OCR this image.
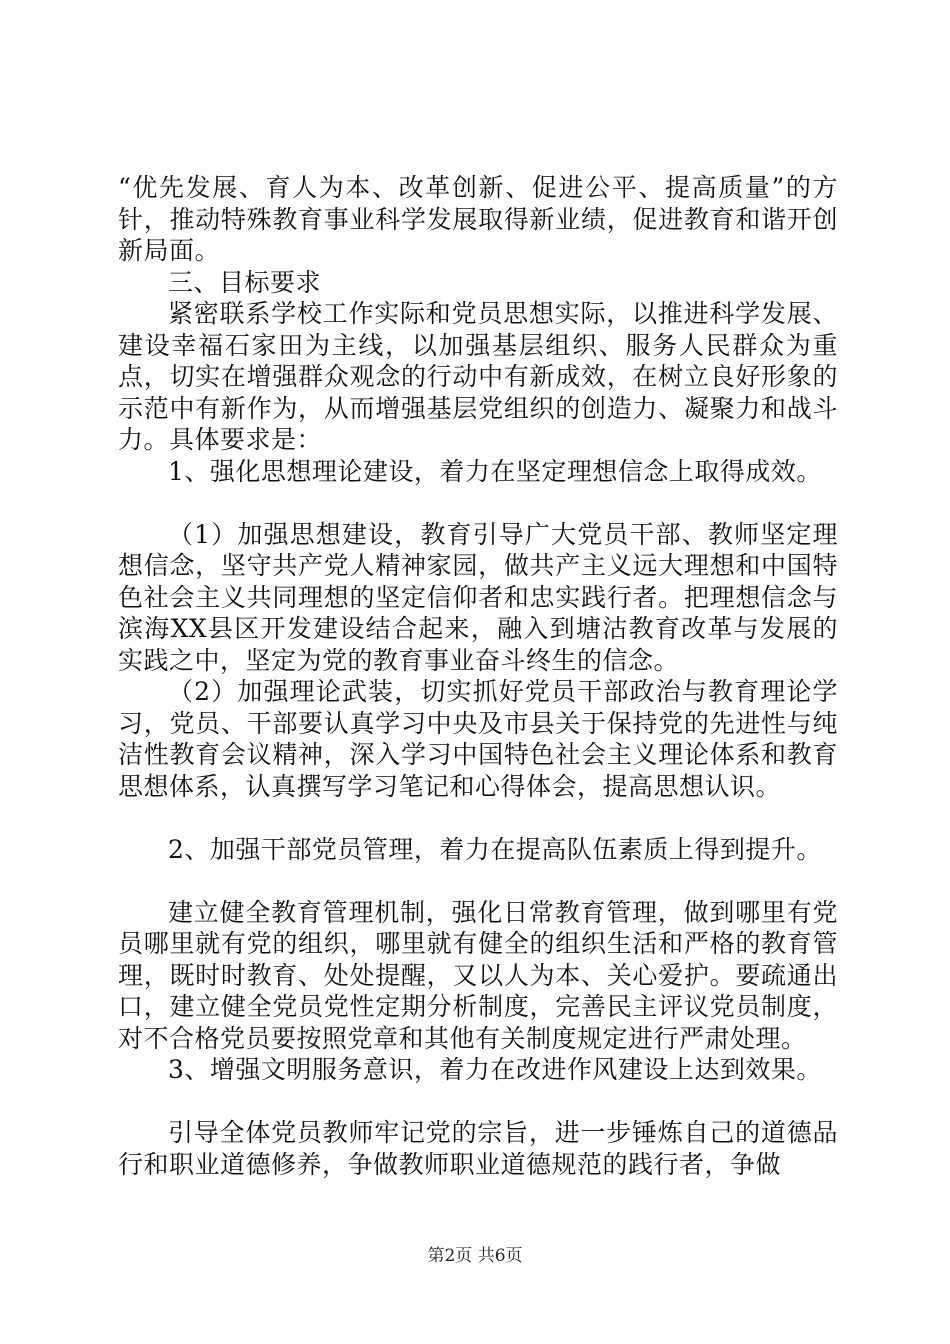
“优先发展、育人为本、改革创新、促进公平、提高质量”的方针，推动特殊教育事业科学发展取得新业绩，促进教育和谐开创新局面。

三、目标要求

紧密联系学校工作实际和党员思想实际，以推进科学发展、建设幸福石家田为主线，以加强基层组织、服务人民群众为重点，切实在增强群众观念的行动中有新成效，在树立良好形象的示范中有新作为，从而增强基层党组织的创造力、凝聚力和战斗力。具体要求是：

1、强化思想理论建设，着力在坚定理想信念上取得成效。

（1）加强思想建设，教育引导广大党员干部、教师坚定理想信念，坚守共产党人精神家园，做共产主义远大理想和中国特色社会主义共同理想的坚定信仰者和忠实践行者。把理想信念与滨海XX县区开发建设结合起来，融入到塘沽教育改革与发展的实践之中，坚定为党的教育事业奋斗终生的信念。

（2）加强理论武装，切实抓好党员干部政治与教育理论学习，党员、干部要认真学习中央及市县关于保持党的先进性与纯洁性教育会议精神，深入学习中国特色社会主义理论体系和教育思想体系，认真撰写学习笔记和心得体会，提高思想认识。

2、加强干部党员管理，着力在提高队伍素质上得到提升。

建立健全教育管理机制，强化日常教育管理，做到哪里有党员哪里就有党的组织，哪里就有健全的组织生活和严格的教育管理，既时时教育、处处提醒，又以人为本、关心爱护。要疏通出口，建立健全党员党性定期分析制度，完善民主评议党员制度，对不合格党员要按照党章和其他有关制度规定进行严肃处理。

3、增强文明服务意识，着力在改进作风建设上达到效果。

引导全体党员教师牢记党的宗旨，进一步锤炼自己的道德品行和职业道德修养，争做教师职业道德规范的践行者，争做

第2页 共6页
